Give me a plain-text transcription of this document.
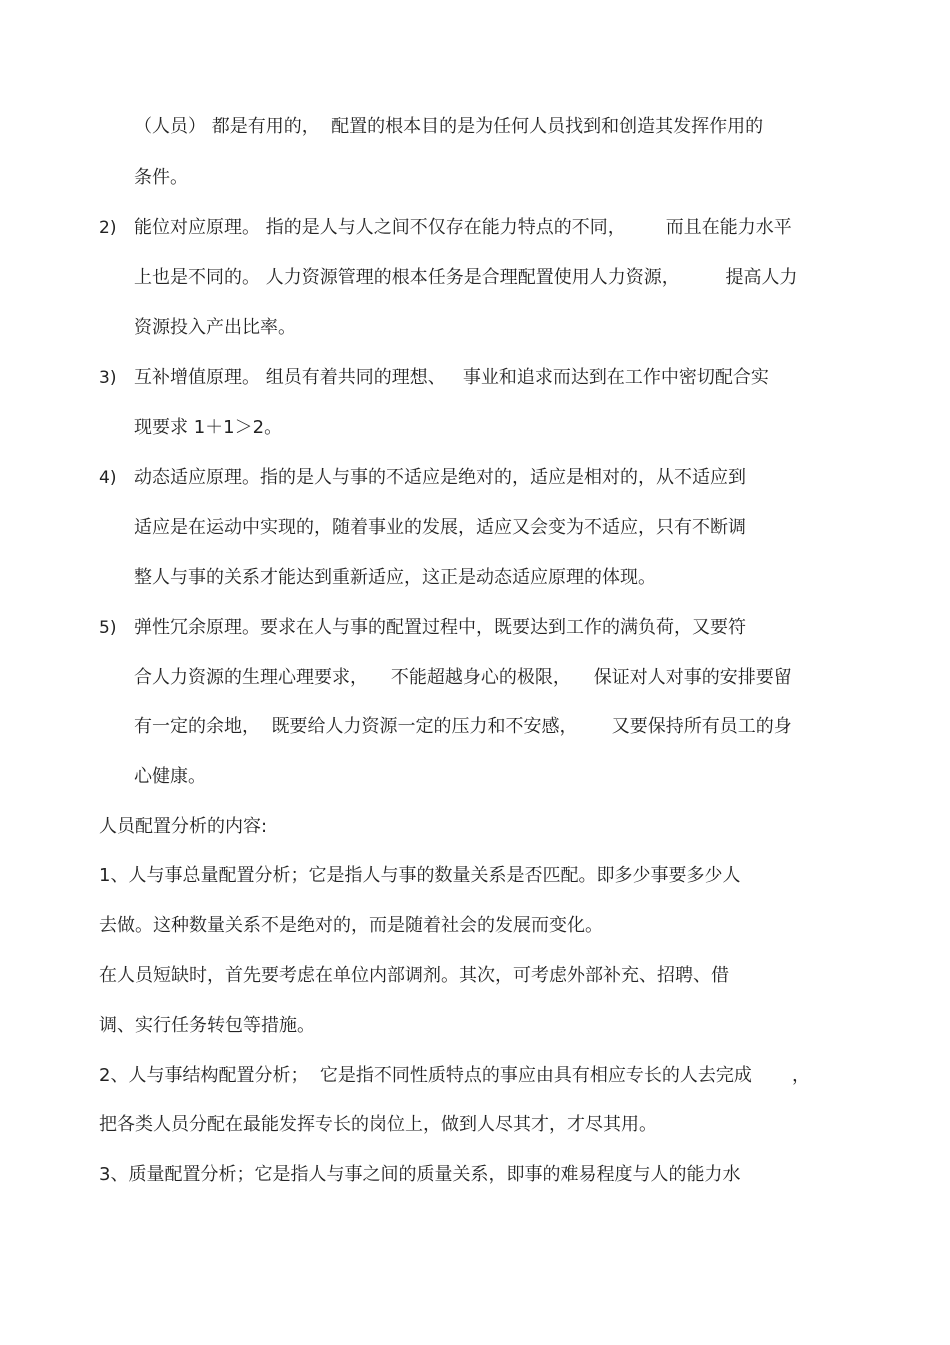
（人员） 都是有用的，  配置的根本目的是为任何人员找到和创造其发挥作用的

条件。

2) 能位对应原理。 指的是人与人之间不仅存在能力特点的不同，       而且在能力水平

上也是不同的。 人力资源管理的根本任务是合理配置使用人力资源，        提高人力

资源投入产出比率。

3) 互补增值原理。 组员有着共同的理想、   事业和追求而达到在工作中密切配合实

现要求 1＋1＞2。

4) 动态适应原理。指的是人与事的不适应是绝对的，适应是相对的，从不适应到

适应是在运动中实现的，随着事业的发展，适应又会变为不适应，只有不断调

整人与事的关系才能达到重新适应，这正是动态适应原理的体现。

5) 弹性冗余原理。要求在人与事的配置过程中，既要达到工作的满负荷，又要符

合人力资源的生理心理要求，    不能超越身心的极限，    保证对人对事的安排要留

有一定的余地，  既要给人力资源一定的压力和不安感，      又要保持所有员工的身

心健康。

人员配置分析的内容:

1、人与事总量配置分析；它是指人与事的数量关系是否匹配。即多少事要多少人

去做。这种数量关系不是绝对的，而是随着社会的发展而变化。

在人员短缺时，首先要考虑在单位内部调剂。其次，可考虑外部补充、招聘、借

调、实行任务转包等措施。

2、人与事结构配置分析；  它是指不同性质特点的事应由具有相应专长的人去完成       ，

把各类人员分配在最能发挥专长的岗位上，做到人尽其才，才尽其用。

3、质量配置分析；它是指人与事之间的质量关系，即事的难易程度与人的能力水
